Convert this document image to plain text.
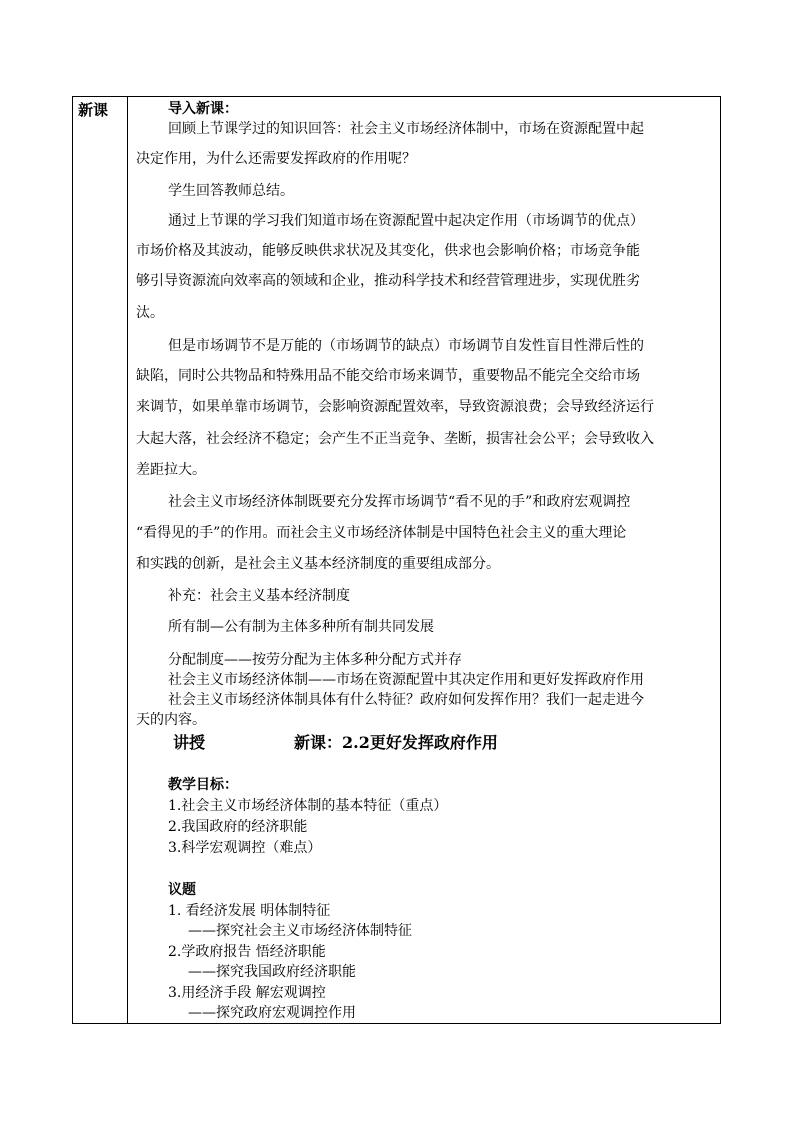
新课	导入新课：
回顾上节课学过的知识回答：社会主义市场经济体制中，市场在资源配置中起
决定作用，为什么还需要发挥政府的作用呢？
学生回答教师总结。
通过上节课的学习我们知道市场在资源配置中起决定作用（市场调节的优点）
市场价格及其波动，能够反映供求状况及其变化，供求也会影响价格；市场竞争能
够引导资源流向效率高的领域和企业，推动科学技术和经营管理进步，实现优胜劣
汰。
但是市场调节不是万能的（市场调节的缺点）市场调节自发性盲目性滞后性的
缺陷，同时公共物品和特殊用品不能交给市场来调节，重要物品不能完全交给市场
来调节，如果单靠市场调节，会影响资源配置效率，导致资源浪费；会导致经济运行
大起大落，社会经济不稳定；会产生不正当竞争、垄断，损害社会公平；会导致收入
差距拉大。
社会主义市场经济体制既要充分发挥市场调节“看不见的手”和政府宏观调控
“看得见的手”的作用。而社会主义市场经济体制是中国特色社会主义的重大理论
和实践的创新，是社会主义基本经济制度的重要组成部分。
补充：社会主义基本经济制度
所有制—公有制为主体多种所有制共同发展
分配制度——按劳分配为主体多种分配方式并存
社会主义市场经济体制——市场在资源配置中其决定作用和更好发挥政府作用
社会主义市场经济体制具体有什么特征？政府如何发挥作用？我们一起走进今
天的内容。
讲授	新课：2.2更好发挥政府作用
教学目标：
1.社会主义市场经济体制的基本特征（重点）
2.我国政府的经济职能
3.科学宏观调控（难点）
议题
1. 看经济发展 明体制特征
——探究社会主义市场经济体制特征
2.学政府报告 悟经济职能
——探究我国政府经济职能
3.用经济手段 解宏观调控
——探究政府宏观调控作用
